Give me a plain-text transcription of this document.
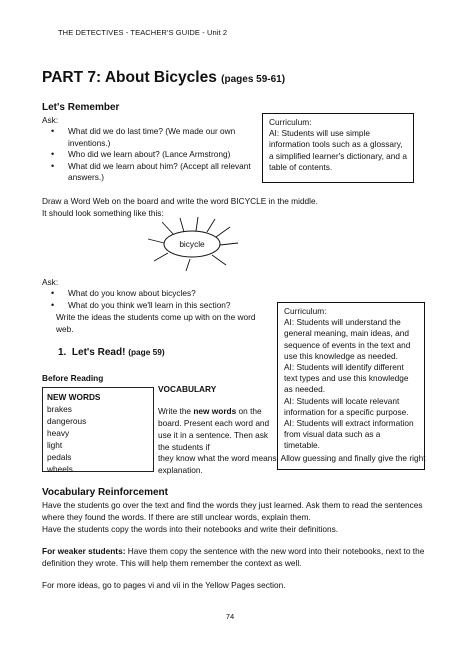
THE DETECTIVES - TEACHER'S GUIDE - Unit 2
PART 7: About Bicycles (pages 59-61)
Let's Remember
Ask:
• What did we do last time? (We made our own inventions.)
• Who did we learn about? (Lance Armstrong)
• What did we learn about him? (Accept all relevant answers.)
Curriculum:
AI: Students will use simple information tools such as a glossary, a simplified learner's dictionary, and a table of contents.
Draw a Word Web on the board and write the word BICYCLE in the middle.
It should look something like this:
bicycle
Ask:
• What do you know about bicycles?
• What do you think we'll learn in this section?
Write the ideas the students come up with on the word web.
Curriculum:
AI: Students will understand the general meaning, main ideas, and sequence of events in the text and use this knowledge as needed.
AI: Students will identify different text types and use this knowledge as needed.
AI: Students will locate relevant information for a specific purpose.
AI: Students will extract information from visual data such as a timetable.
1. Let's Read! (page 59)
Before Reading
NEW WORDS
brakes
dangerous
heavy
light
pedals
wheels
VOCABULARY
Write the new words on the board. Present each word and use it in a sentence. Then ask the students if
they know what the word means. Allow guessing and finally give the right explanation.
Vocabulary Reinforcement
Have the students go over the text and find the words they just learned. Ask them to read the sentences where they found the words. If there are still unclear words, explain them.
Have the students copy the words into their notebooks and write their definitions.
For weaker students: Have them copy the sentence with the new word into their notebooks, next to the definition they wrote. This will help them remember the context as well.
For more ideas, go to pages vi and vii in the Yellow Pages section.
74
